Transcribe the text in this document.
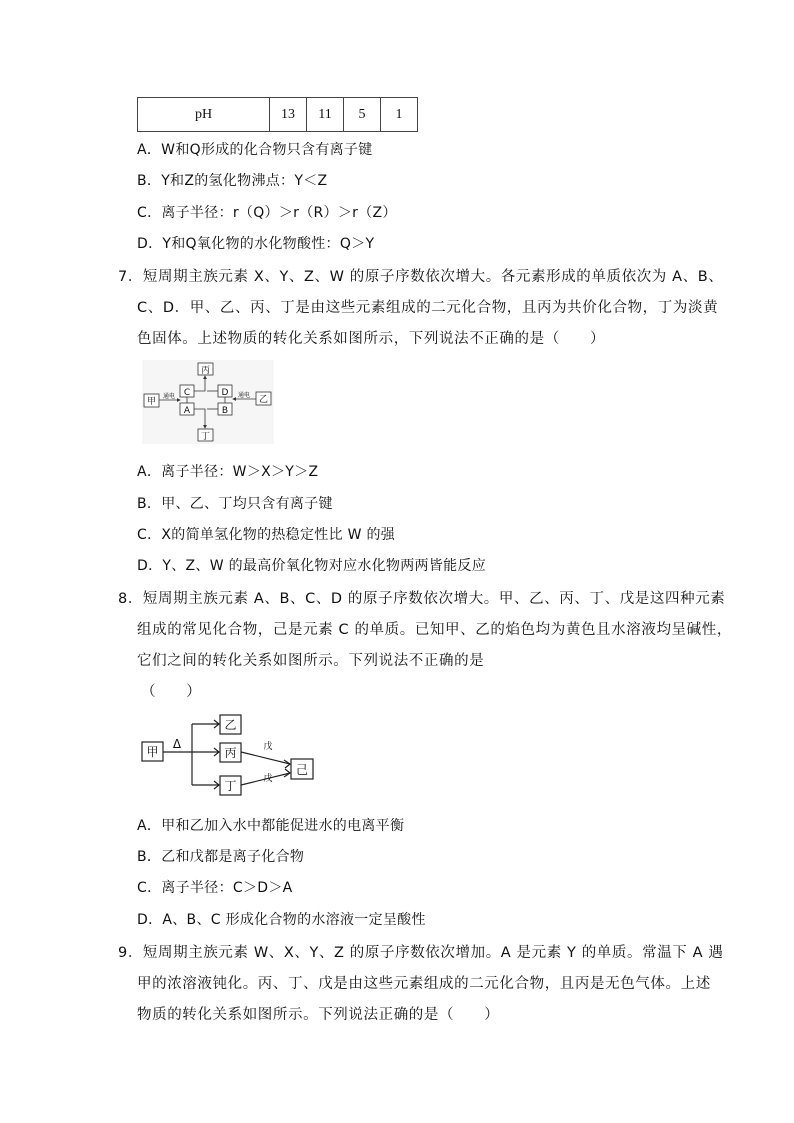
pH	13	11	5	1
A．W和Q形成的化合物只含有离子键
B．Y和Z的氢化物沸点：Y＜Z
C．离子半径：r（Q）＞r（R）＞r（Z）
D．Y和Q氧化物的水化物酸性：Q＞Y
7．短周期主族元素 X、Y、Z、W 的原子序数依次增大。各元素形成的单质依次为 A、B、
C、D．甲、乙、丙、丁是由这些元素组成的二元化合物，且丙为共价化合物，丁为淡黄
色固体。上述物质的转化关系如图所示，下列说法不正确的是（　　）
丙
C	D
A	B
甲	乙
丁
通电	通电
A．离子半径：W＞X＞Y＞Z
B．甲、乙、丁均只含有离子键
C．X的简单氢化物的热稳定性比 W 的强
D．Y、Z、W 的最高价氧化物对应水化物两两皆能反应
8．短周期主族元素 A、B、C、D 的原子序数依次增大。甲、乙、丙、丁、戊是这四种元素
组成的常见化合物，己是元素 C 的单质。已知甲、乙的焰色均为黄色且水溶液均呈碱性，
它们之间的转化关系如图所示。下列说法不正确的是
（　　）
甲
乙
丙
丁
己
Δ	戊
戊
A．甲和乙加入水中都能促进水的电离平衡
B．乙和戊都是离子化合物
C．离子半径：C＞D＞A
D．A、B、C 形成化合物的水溶液一定呈酸性
9．短周期主族元素 W、X、Y、Z 的原子序数依次增加。A 是元素 Y 的单质。常温下 A 遇
甲的浓溶液钝化。丙、丁、戊是由这些元素组成的二元化合物，且丙是无色气体。上述
物质的转化关系如图所示。下列说法正确的是（　　）
